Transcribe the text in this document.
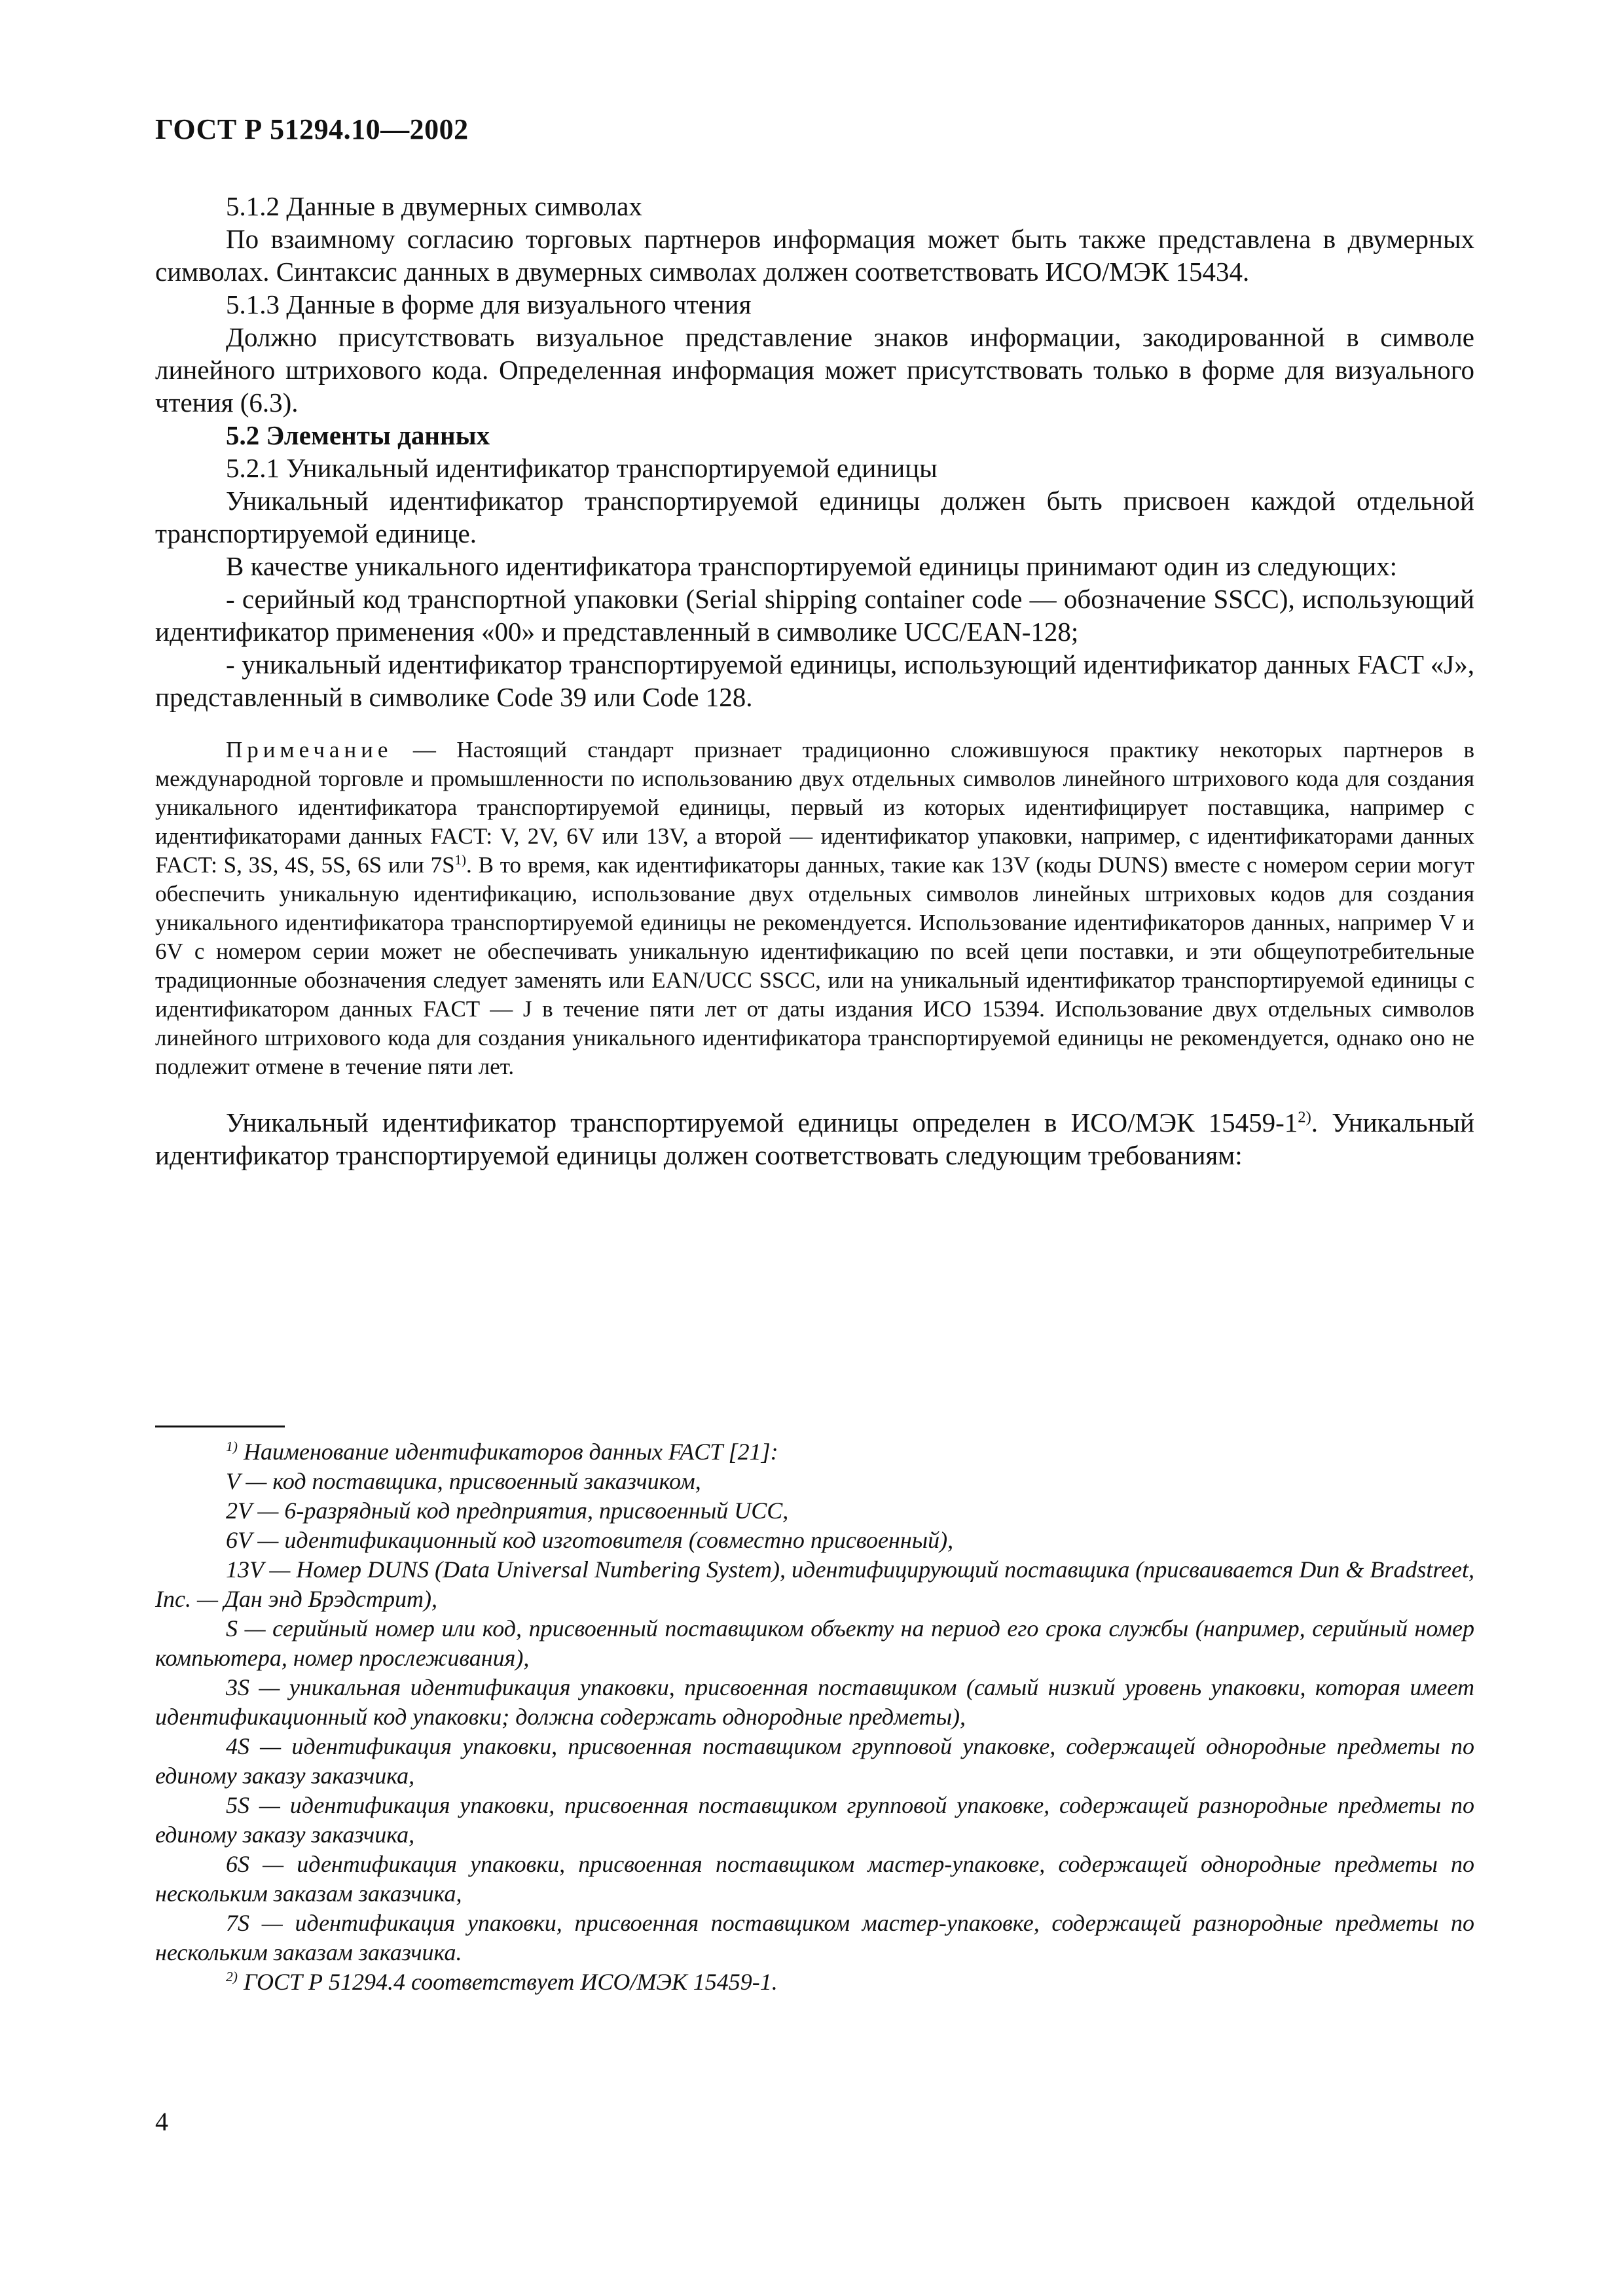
ГОСТ Р 51294.10—2002

5.1.2 Данные в двумерных символах

По взаимному согласию торговых партнеров информация может быть также представлена в двумерных символах. Синтаксис данных в двумерных символах должен соответствовать ИСО/МЭК 15434.

5.1.3 Данные в форме для визуального чтения

Должно присутствовать визуальное представление знаков информации, закодированной в символе линейного штрихового кода. Определенная информация может присутствовать только в форме для визуального чтения (6.3).

5.2 Элементы данных

5.2.1 Уникальный идентификатор транспортируемой единицы

Уникальный идентификатор транспортируемой единицы должен быть присвоен каждой отдельной транспортируемой единице.

В качестве уникального идентификатора транспортируемой единицы принимают один из следующих:

- серийный код транспортной упаковки (Serial shipping container code — обозначение SSCC), использующий идентификатор применения «00» и представленный в символике UCC/EAN-128;

- уникальный идентификатор транспортируемой единицы, использующий идентификатор данных FACT «J», представленный в символике Code 39 или Code 128.

Примечание — Настоящий стандарт признает традиционно сложившуюся практику некоторых партнеров в международной торговле и промышленности по использованию двух отдельных символов линейного штрихового кода для создания уникального идентификатора транспортируемой единицы, первый из которых идентифицирует поставщика, например с идентификаторами данных FACT: V, 2V, 6V или 13V, а второй — идентификатор упаковки, например, с идентификаторами данных FACT: S, 3S, 4S, 5S, 6S или $7S^{1)}$. В то время, как идентификаторы данных, такие как 13V (коды DUNS) вместе с номером серии могут обеспечить уникальную идентификацию, использование двух отдельных символов линейных штриховых кодов для создания уникального идентификатора транспортируемой единицы не рекомендуется. Использование идентификаторов данных, например V и 6V с номером серии может не обеспечивать уникальную идентификацию по всей цепи поставки, и эти общеупотребительные традиционные обозначения следует заменять или EAN/UCC SSCC, или на уникальный идентификатор транспортируемой единицы с идентификатором данных FACT — J в течение пяти лет от даты издания ИСО 15394. Использование двух отдельных символов линейного штрихового кода для создания уникального идентификатора транспортируемой единицы не рекомендуется, однако оно не подлежит отмене в течение пяти лет.

Уникальный идентификатор транспортируемой единицы определен в ИСО/МЭК 15459-1$^{2)}$. Уникальный идентификатор транспортируемой единицы должен соответствовать следующим требованиям:

$^{1)}$ Наименование идентификаторов данных FACT [21]:

V — код поставщика, присвоенный заказчиком,

2V — 6-разрядный код предприятия, присвоенный UCC,

6V — идентификационный код изготовителя (совместно присвоенный),

13V — Номер DUNS (Data Universal Numbering System), идентифицирующий поставщика (присваивается Dun & Bradstreet, Inc. — Дан энд Брэдстрит),

S — серийный номер или код, присвоенный поставщиком объекту на период его срока службы (например, серийный номер компьютера, номер прослеживания),

3S — уникальная идентификация упаковки, присвоенная поставщиком (самый низкий уровень упаковки, которая имеет идентификационный код упаковки; должна содержать однородные предметы),

4S — идентификация упаковки, присвоенная поставщиком групповой упаковке, содержащей однородные предметы по единому заказу заказчика,

5S — идентификация упаковки, присвоенная поставщиком групповой упаковке, содержащей разнородные предметы по единому заказу заказчика,

6S — идентификация упаковки, присвоенная поставщиком мастер-упаковке, содержащей однородные предметы по нескольким заказам заказчика,

7S — идентификация упаковки, присвоенная поставщиком мастер-упаковке, содержащей разнородные предметы по нескольким заказам заказчика.

$^{2)}$ ГОСТ Р 51294.4 соответствует ИСО/МЭК 15459-1.

4
